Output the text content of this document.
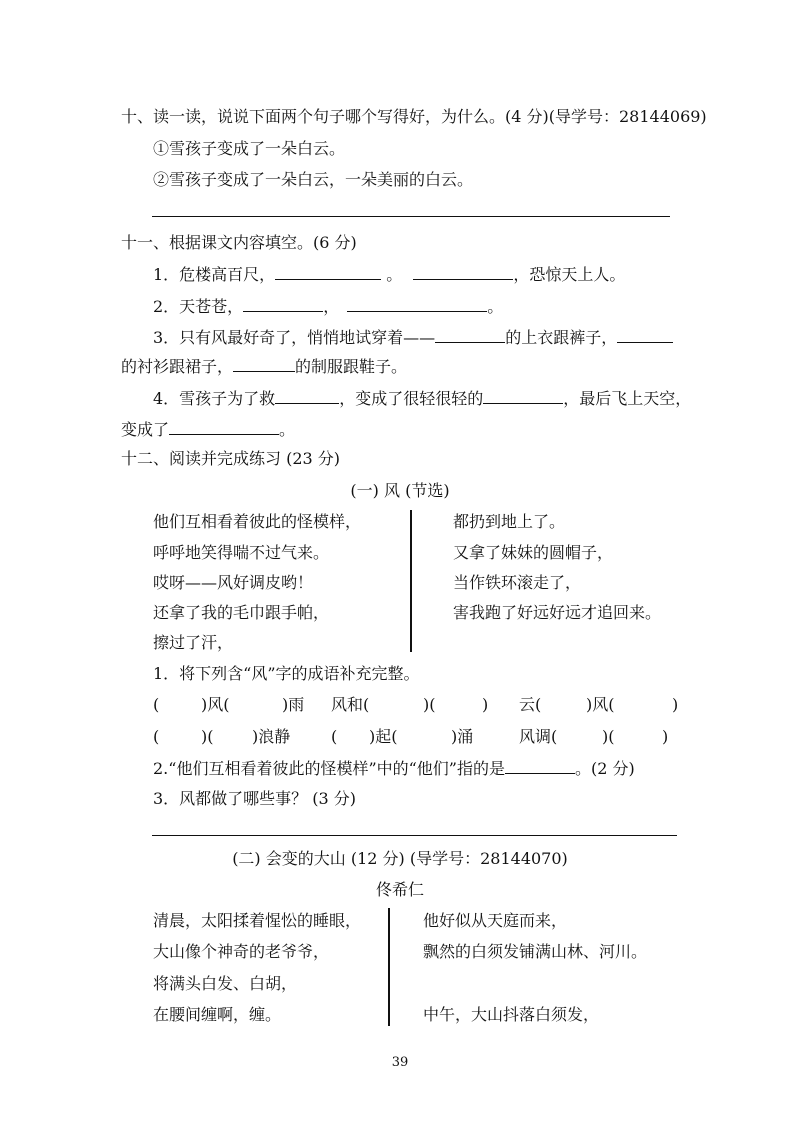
十、读一读，说说下面两个句子哪个写得好，为什么。(4 分)(导学号：28144069)
①雪孩子变成了一朵白云。
②雪孩子变成了一朵白云，一朵美丽的白云。
十一、根据课文内容填空。(6 分)
1．危楼高百尺，	。	，恐惊天上人。
2．天苍苍，	，	。
3．只有风最好奇了，悄悄地试穿着——	的上衣跟裤子，
的衬衫跟裙子，	的制服跟鞋子。
4．雪孩子为了救	，变成了很轻很轻的	，最后飞上天空，
变成了	。
十二、阅读并完成练习 (23 分)
(一) 风 (节选)
他们互相看着彼此的怪模样，
呼呼地笑得喘不过气来。
哎呀——风好调皮哟！
还拿了我的毛巾跟手帕，
擦过了汗，
都扔到地上了。
又拿了妹妹的圆帽子，
当作铁环滚走了，
害我跑了好远好远才追回来。
1．将下列含“风”字的成语补充完整。
(	)风(	)雨 风和(	)(	) 云(	)风(	)
(	)( )浪静	( )起(	)涌	风调(	)(	)
2.“他们互相看着彼此的怪模样”中的“他们”指的是	。(2 分)
3．风都做了哪些事？ (3 分)
(二) 会变的大山 (12 分) (导学号：28144070)
佟希仁
清晨，太阳揉着惺忪的睡眼，
大山像个神奇的老爷爷，
将满头白发、白胡，
在腰间缠啊，缠。
他好似从天庭而来，
飘然的白须发铺满山林、河川。
中午，大山抖落白须发，
39
